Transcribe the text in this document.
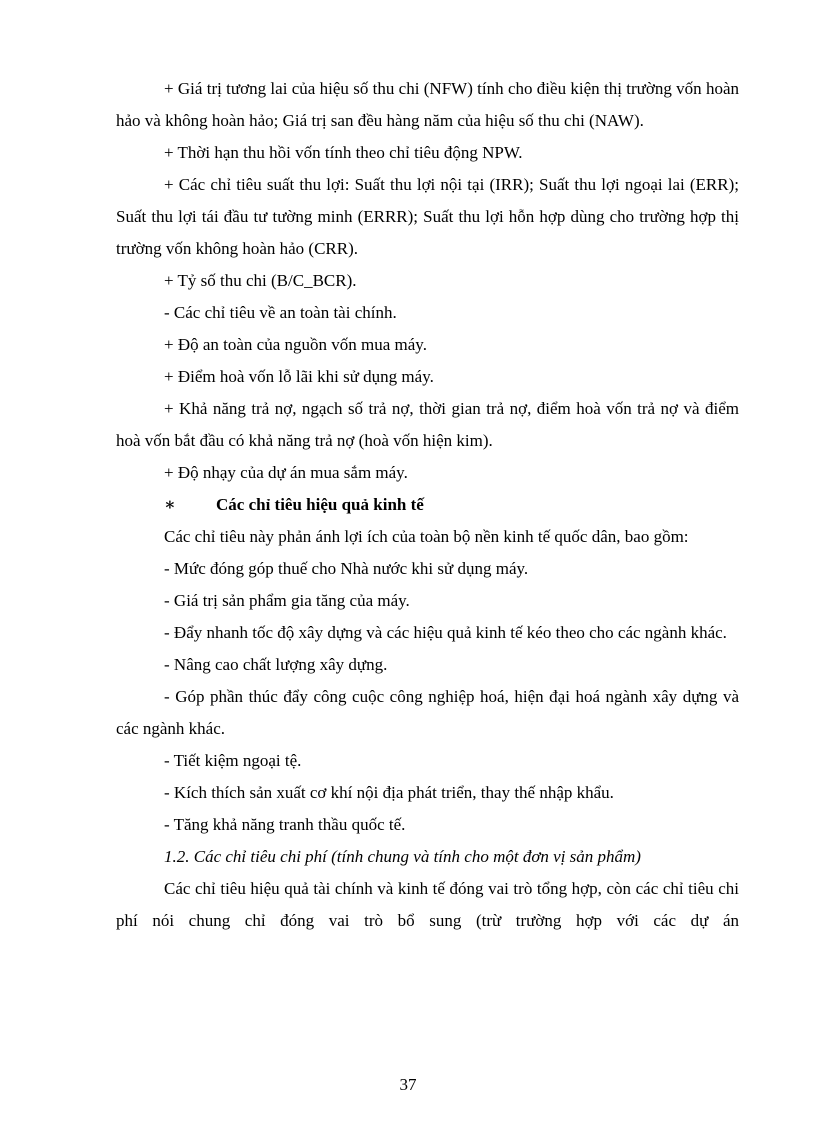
+ Giá trị tương lai của hiệu số thu chi (NFW) tính cho điều kiện thị trường vốn hoàn hảo và không hoàn hảo; Giá trị san đều hàng năm của hiệu số thu chi (NAW).

+ Thời hạn thu hồi vốn tính theo chỉ tiêu động NPW.

+ Các chỉ tiêu suất thu lợi: Suất thu lợi nội tại (IRR); Suất thu lợi ngoại lai (ERR); Suất thu lợi tái đầu tư tường minh (ERRR); Suất thu lợi hỗn hợp dùng cho trường hợp thị trường vốn không hoàn hảo (CRR).

+ Tỷ số thu chi (B/C_BCR).

- Các chỉ tiêu về an toàn tài chính.

+ Độ an toàn của nguồn vốn mua máy.

+ Điểm hoà vốn lỗ lãi khi sử dụng máy.

+ Khả năng trả nợ, ngạch số trả nợ, thời gian trả nợ, điểm hoà vốn trả nợ và điểm hoà vốn bắt đầu có khả năng trả nợ (hoà vốn hiện kim).

+ Độ nhạy của dự án mua sắm máy.

∗ Các chỉ tiêu hiệu quả kinh tế

Các chỉ tiêu này phản ánh lợi ích của toàn bộ nền kinh tế quốc dân, bao gồm:

- Mức đóng góp thuế cho Nhà nước khi sử dụng máy.

- Giá trị sản phẩm gia tăng của máy.

- Đẩy nhanh tốc độ xây dựng và các hiệu quả kinh tế kéo theo cho các ngành khác.

- Nâng cao chất lượng xây dựng.

- Góp phần thúc đẩy công cuộc công nghiệp hoá, hiện đại hoá ngành xây dựng và các ngành khác.

- Tiết kiệm ngoại tệ.

- Kích thích sản xuất cơ khí nội địa phát triển, thay thế nhập khẩu.

- Tăng khả năng tranh thầu quốc tế.

1.2. Các chỉ tiêu chi phí (tính chung và tính cho một đơn vị sản phẩm)

Các chỉ tiêu hiệu quả tài chính và kinh tế đóng vai trò tổng hợp, còn các chỉ tiêu chi phí nói chung chỉ đóng vai trò bổ sung (trừ trường hợp với các dự án

37
